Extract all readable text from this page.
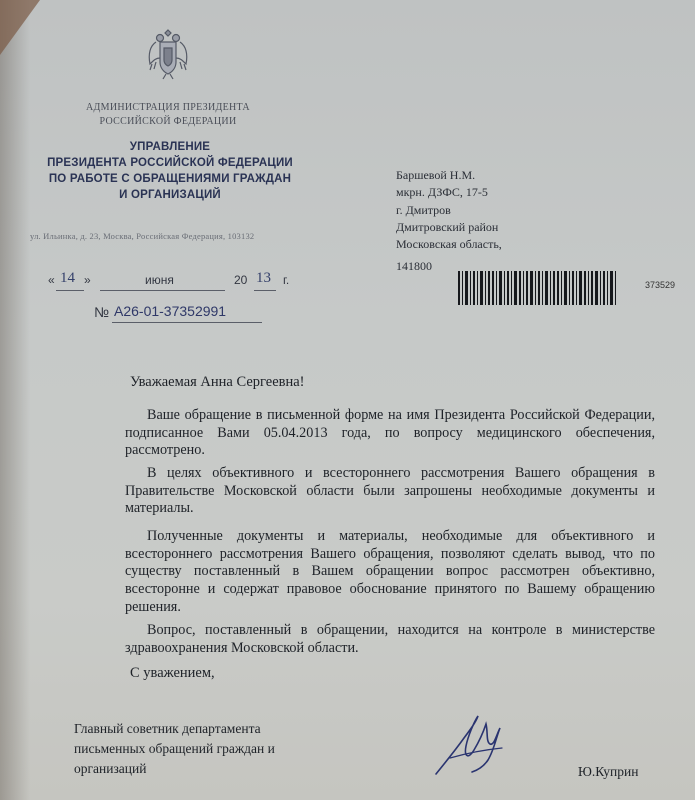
АДМИНИСТРАЦИЯ ПРЕЗИДЕНТА
РОССИЙСКОЙ ФЕДЕРАЦИИ
УПРАВЛЕНИЕ
ПРЕЗИДЕНТА РОССИЙСКОЙ ФЕДЕРАЦИИ
ПО РАБОТЕ С ОБРАЩЕНИЯМИ ГРАЖДАН
И ОРГАНИЗАЦИЙ

ул. Ильинка, д. 23, Москва, Российская Федерация, 103132

Баршевой Н.М.

мкрн. ДЗФС, 17-5

г. Дмитров

Дмитровский район

Московская область,

141800

« 14 »	июня	20 13 г.

№ А26-01-37352991

373529

Уважаемая Анна Сергеевна!

Ваше обращение в письменной форме на имя Президента Российской Федерации, подписанное Вами 05.04.2013 года, по вопросу медицинского обеспечения, рассмотрено.

В целях объективного и всестороннего рассмотрения Вашего обращения в Правительстве Московской области были запрошены необходимые документы и материалы.

Полученные документы и материалы, необходимые для объективного и всестороннего рассмотрения Вашего обращения, позволяют сделать вывод, что по существу поставленный в Вашем обращении вопрос рассмотрен объективно, всесторонне и содержат правовое обоснование принятого по Вашему обращению решения.

Вопрос, поставленный в обращении, находится на контроле в министерстве здравоохранения Московской области.

С уважением,

Главный советник департамента

письменных обращений граждан и

организаций	Ю.Куприн
